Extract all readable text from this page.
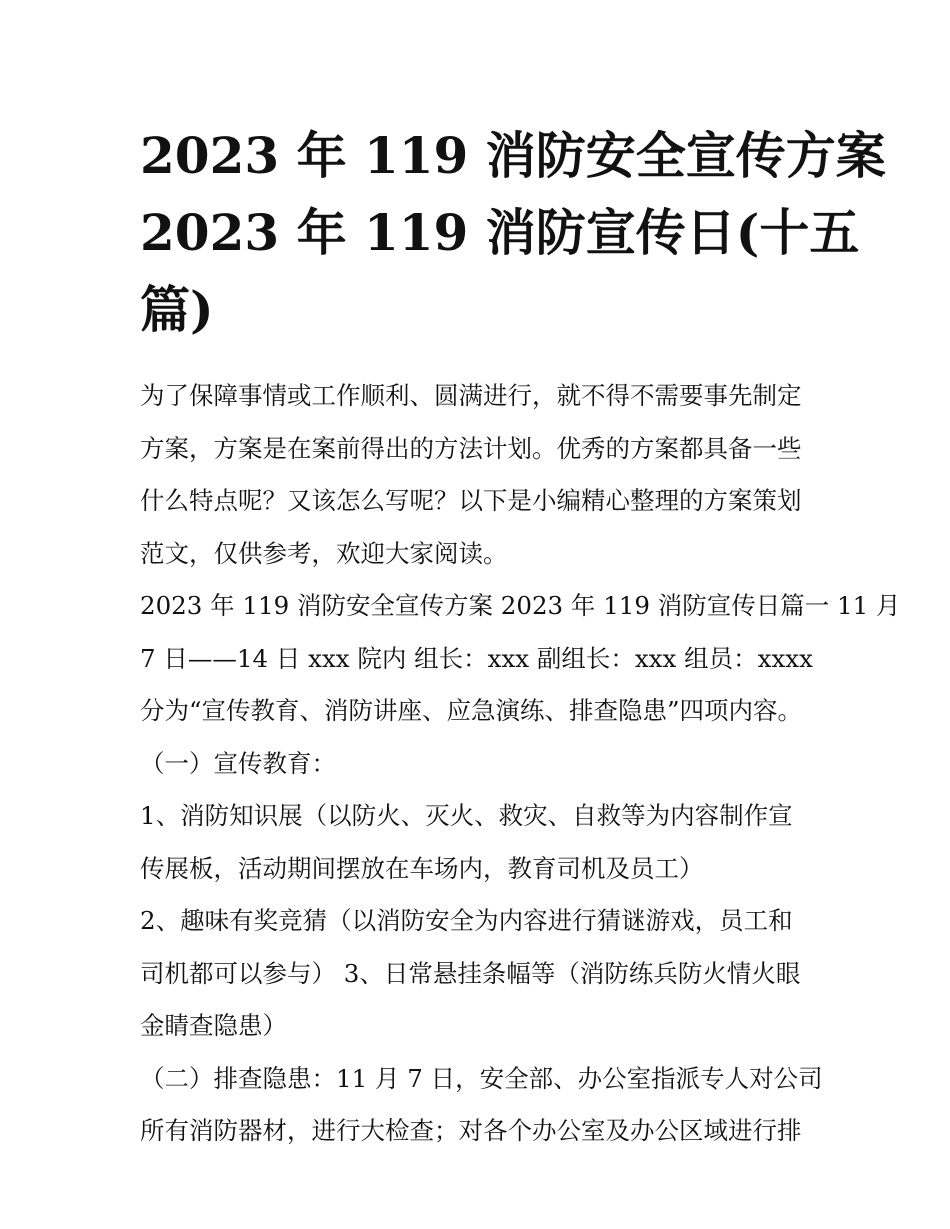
2023 年 119 消防安全宣传方案
2023 年 119 消防宣传日(十五
篇)

为了保障事情或工作顺利、圆满进行，就不得不需要事先制定

方案，方案是在案前得出的方法计划。优秀的方案都具备一些

什么特点呢？又该怎么写呢？以下是小编精心整理的方案策划

范文，仅供参考，欢迎大家阅读。

2023 年 119 消防安全宣传方案 2023 年 119 消防宣传日篇一 11 月

7 日——14 日 xxx 院内 组长：xxx 副组长：xxx 组员：xxxx

分为“宣传教育、消防讲座、应急演练、排查隐患”四项内容。

（一）宣传教育：

1、消防知识展（以防火、灭火、救灾、自救等为内容制作宣

传展板，活动期间摆放在车场内，教育司机及员工）

2、趣味有奖竞猜（以消防安全为内容进行猜谜游戏，员工和

司机都可以参与） 3、日常悬挂条幅等（消防练兵防火情火眼

金睛查隐患）

（二）排查隐患：11 月 7 日，安全部、办公室指派专人对公司

所有消防器材，进行大检查；对各个办公室及办公区域进行排
